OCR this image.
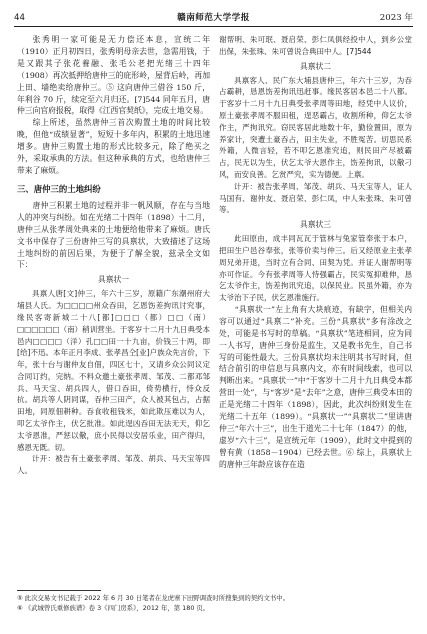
44	赣南师范大学学报	2023 年

张秀明一家可能是无力偿还本息，宣统二年（1910）正月初四日，张秀明母亲去世，急需用钱，于是又跟其子张花養融、张毛公老把光绪三十四年（1908）再次抵押给唐仲三的庇形岭，屋背后岭，再加上田、墙绝卖给唐仲三。⑤ 这向唐仲三借谷 150 斤，年利谷 70 斤，续定至六月归还。[7]544 同年五月，唐仲三向官府报税，取得《江西官契纸》，完成土地交易。

综上所述，虽然唐仲三首次购置土地的时间比较晚，但他“成绩显著”，短短十多年内，积累的土地迅速增多。唐仲三购置土地的形式比较多元，除了绝买之外，采取承典的方法。但这种承典的方式，也给唐仲三带来了麻烦。

三、唐仲三的土地纠纷

唐仲三积累土地的过程并非一帆风顺，存在与当地人的冲突与纠纷。如在光绪二十四年（1898）十二月，唐仲三从张孝周处典来的土地便给他带来了麻烦。唐氏文书中保存了三份唐仲三写的具禀状，大致描述了这场土地纠纷的前因后果，为便于了解全貌，兹录全文如下：

具禀状一
具禀人唐[文]仲三，年六十三岁，原籍广东潮州府大埔县人氏。为□□□□州众吞田，乞恩饬差拘讯讨究事，缘民客寄新城二十八[都]□□□（都）□□（南）□□□□□□（南）稍训营坐。于客岁十二月十九日典受本邑内□□□□（洋）孔□□田一十九亩，价钱三十两，即[给]不迅。本年正月李成、张孝昌仝[业]户族众先言价，下年，张十台与谢仲友自佃，四区七十，又请乡众公同议定合同订约，完纳。不料众邀土豪张孝周、邹茂、二都邓邹兵、马天宝、胡兵四人，借口吞田，倚势横行，恃众反抗。胡兵等人阴同谋，吞仲三田产，众人被其包占，占据田地，同原佃耕种。吞食收租钱米，如此欺压难以为人，叩乞太爷作主，伏乞批准。如此逞凶吞田无法无天，仰乞太爷恩准，严惩以儆，庶小民得以安居乐业，田产得归，感恩无既。切。
计开：被告有土豪张孝周、邹茂、胡兵、马天宝等四人。
谢帮明、朱可珉、聂启荣、彭仁凤俱经投中人，到乡公堂出保，朱张珠、朱可曾说合典田中人。[7]544
具禀状二
具禀客人、民广东大埔县唐仲三，年六十三岁，为吞占霸耕，恳恩饬差拘讯迅赶事。缘民客居本邑二十八都。于客岁十二月十九日典受张孝周等田地，经凭中人议价，原土豪张孝周不服田租，逞恶霸占，收割所种，仰乞太爷作主，严拘讯究。窃民客居此地数十年，勤俭置田，原为养家计，突遭土豪吞占，田主失业，不胜冤苦。切思民系外籍，人微言轻，若不叩乞恩准究追，则民田产尽被霸占，民无以为生，伏乞太爷大恩作主，饬差拘讯，以儆刁风，而安良善。乞赏严究，实为德便。上禀。
计开：被告张孝周、邹茂、胡兵、马天宝等人，证人马国有、谢仲友、聂启荣、彭仁凤，中人朱张珠、朱可曾等。
具禀状三
此田原由，成丰同瓦瓦于管林与兔家管奉张于本户，把田生户邑谷奉张，张等价卖与仲三。后又经原业主张孝周兄弟开退，当时立有合同、田契为凭。并证人谢帮明等亦可作证。今有张孝周等人恃强霸占，民实冤抑难伸，恳乞太爷作主，饬差拘讯究追，以保民业。民虽外籍，亦为太爷治下子民，伏乞恩准施行。

“具禀状一”左上角有大块痕迹，有缺字，但相关内容可以通过“具禀二”补充。三份“具禀状”多有涂改之处，可能是书写时的草稿。“具禀状”笔迹相同，应为同一人书写，唐仲三身份是监生，又是教书先生，自己书写的可能性最大。三份具禀状均未注明其书写时间，但结合前引的申信息与具禀内文，亦有时间线索，也可以判断出来。“具禀状一”中“于客岁十二月十九日典受本都营田一处”，与“客岁”是“去年”之意，唐仲三典受本田的正是光绪二十四年（1898），因此，此次纠纷则发生在光绪二十五年（1899）。“具禀状一”“具禀状二”里讲唐仲三“年六十三”，出生于道光二十七年（1847）的他，虚岁“六十三”，是宣统元年（1909），此时文中提到的曾有黄（1858－1904）已经去世。⑥ 综上，具禀状上的唐仲三年龄应该存在造

⑤ 此次交易文书记载于 2022 年 6 月 30 日笔者在龙虎寨下田野调查时所搜集到的契约文书中。
⑥ 《武城曾氏重修族谱》卷 3《四门房系》，2012 年，第 180 页。
